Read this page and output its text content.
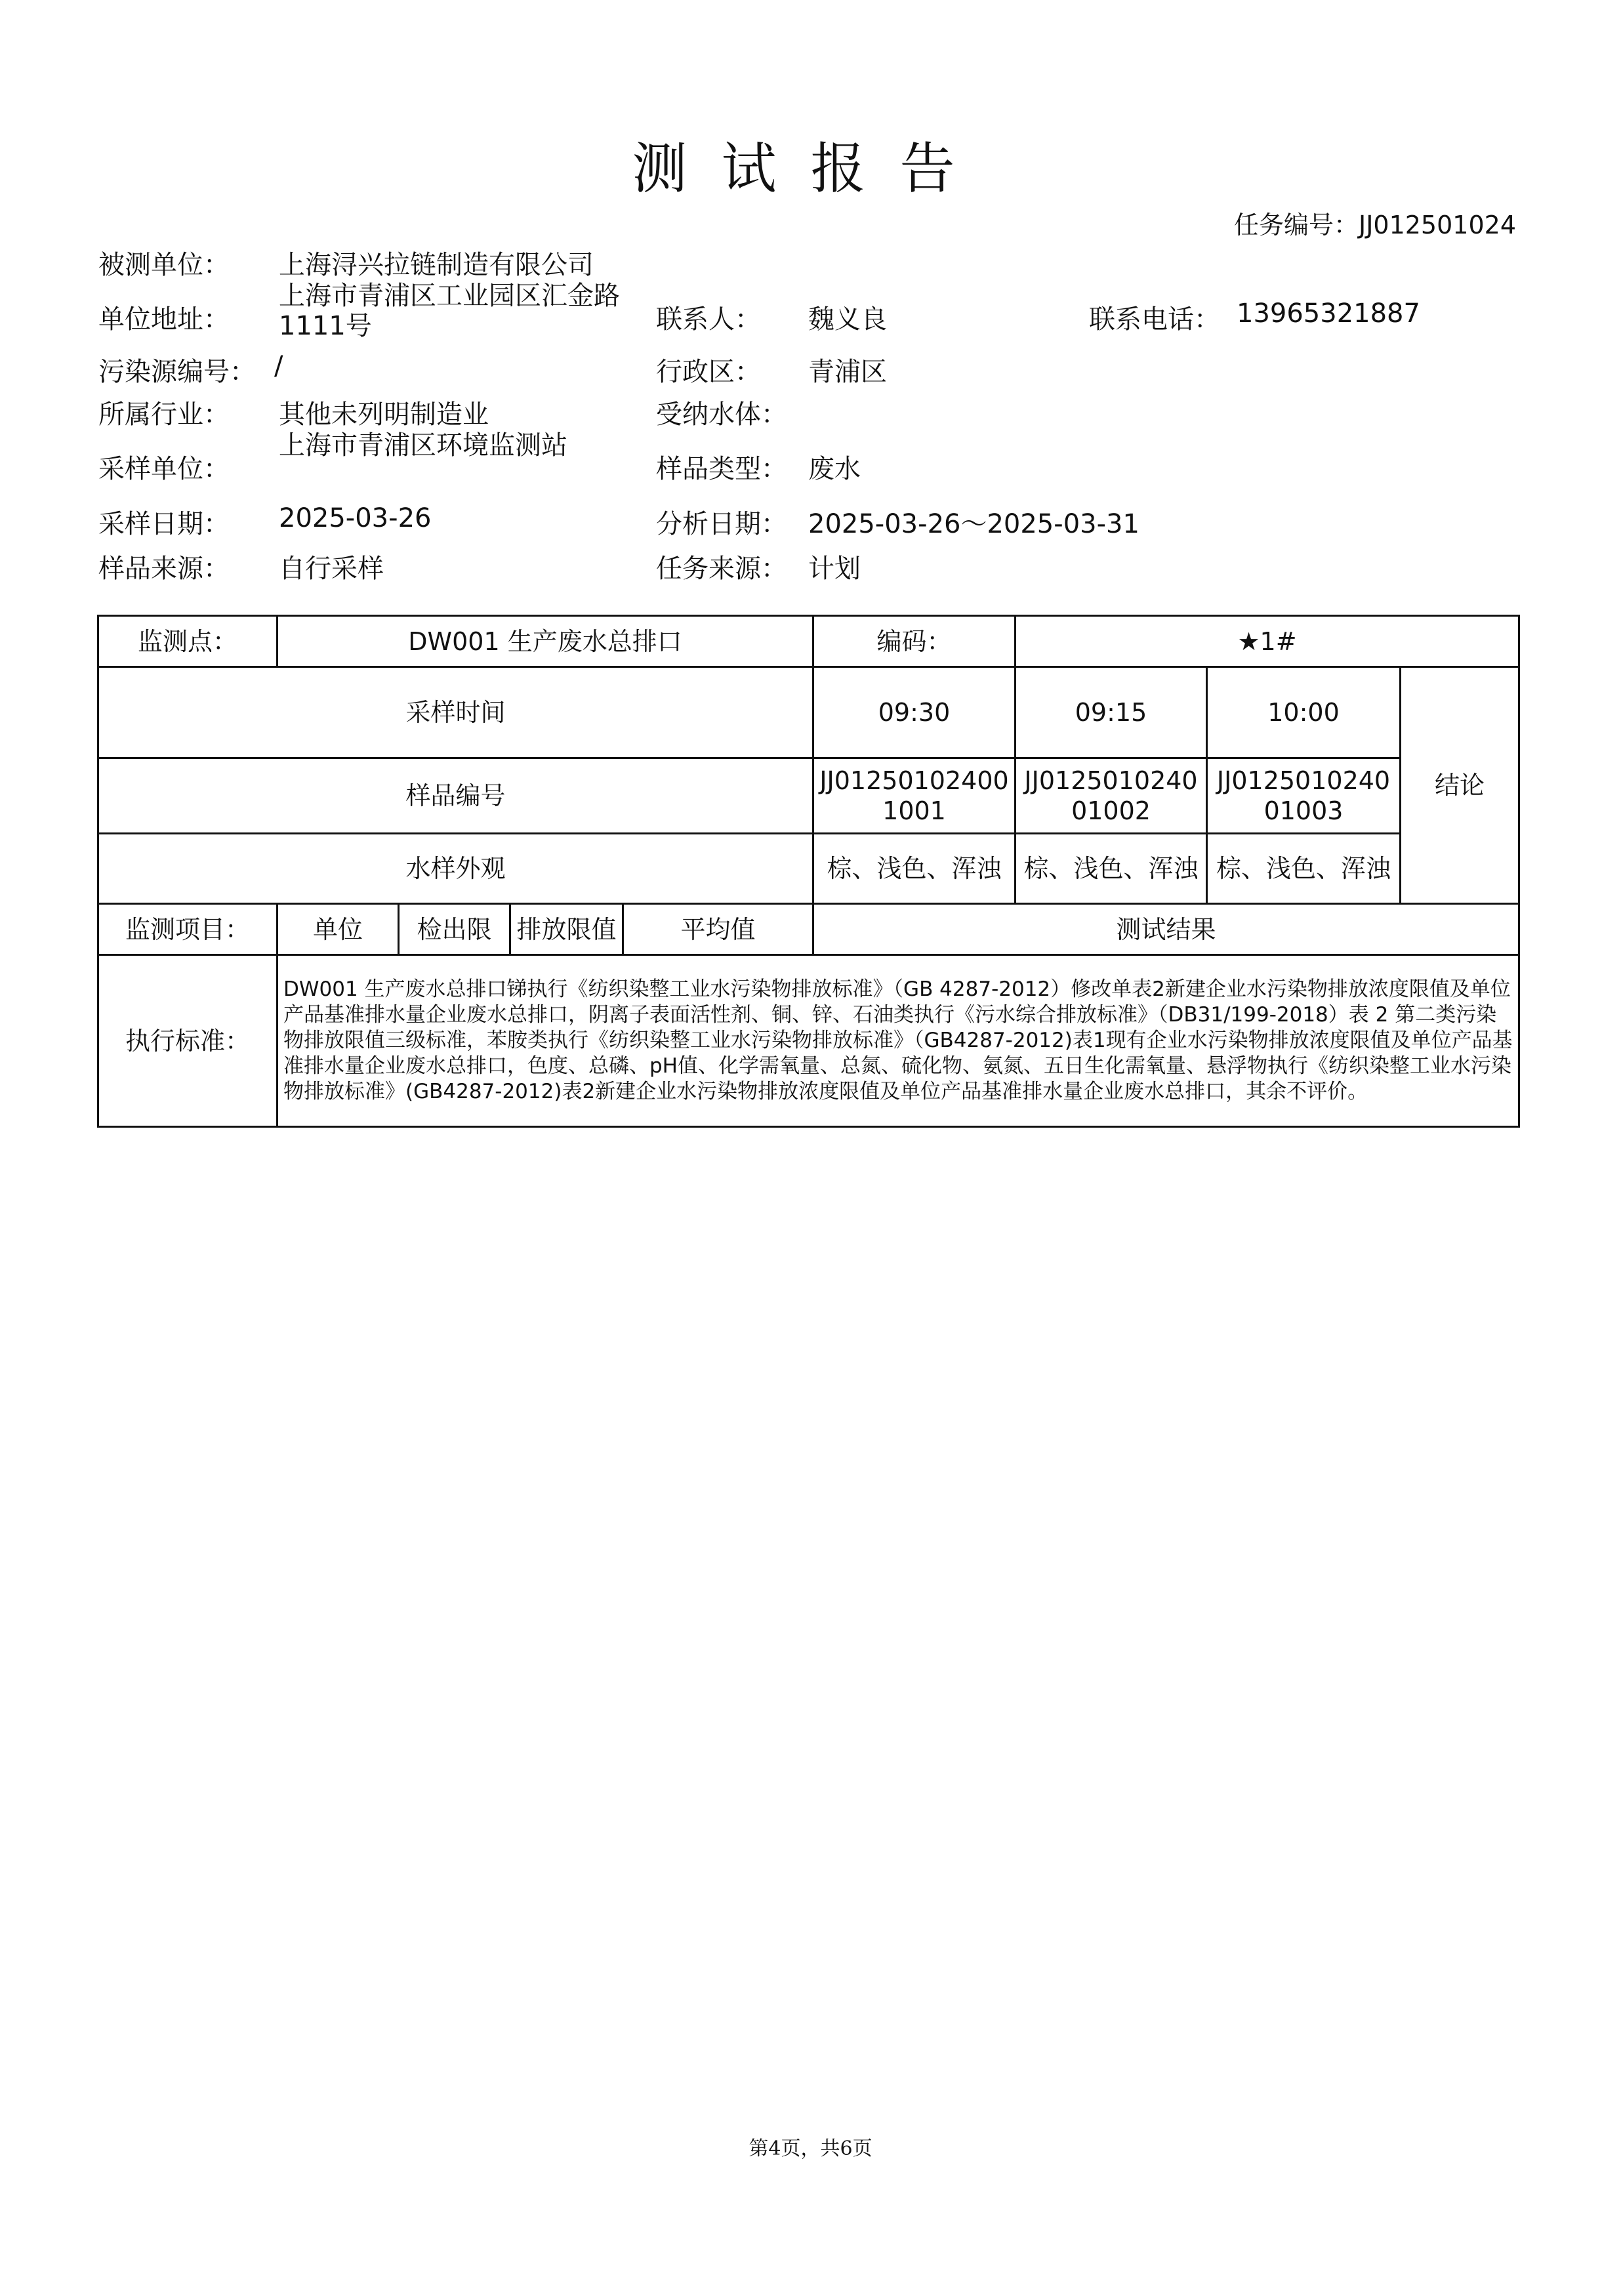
测试报告
任务编号：JJ012501024
被测单位： 上海浔兴拉链制造有限公司
单位地址：
上海市青浦区工业园区汇金路1111号	联系人： 魏义良	联系电话： 13965321887
污染源编号： /	行政区： 青浦区
所属行业： 其他未列明制造业	受纳水体：
采样单位：
上海市青浦区环境监测站
样品类型： 废水
采样日期： 2025-03-26	分析日期： 2025-03-26～2025-03-31
样品来源： 自行采样	任务来源： 计划
监测点：	DW001 生产废水总排口				编码：	★1#		
采样时间					09:30	09:15	10:00	结论
样品编号					JJ012501024001001	JJ012501024001002	JJ012501024001003	
水样外观					棕、浅色、浑浊	棕、浅色、浑浊	棕、浅色、浑浊	
监测项目：	单位	检出限	排放限值	平均值	测试结果			
执行标准：	DW001 生产废水总排口锑执行《纺织染整工业水污染物排放标准》（GB 4287-2012）修改单表2新建企业水污染物排放浓度限值及单位产品基准排水量企业废水总排口，阴离子表面活性剂、铜、锌、石油类执行《污水综合排放标准》（DB31/199-2018）表 2 第二类污染物排放限值三级标准，苯胺类执行《纺织染整工业水污染物排放标准》（GB4287-2012)表1现有企业水污染物排放浓度限值及单位产品基准排水量企业废水总排口，色度、总磷、pH值、化学需氧量、总氮、硫化物、氨氮、五日生化需氧量、悬浮物执行《纺织染整工业水污染物排放标准》(GB4287-2012)表2新建企业水污染物排放浓度限值及单位产品基准排水量企业废水总排口，其余不评价。							
第4页，共6页
